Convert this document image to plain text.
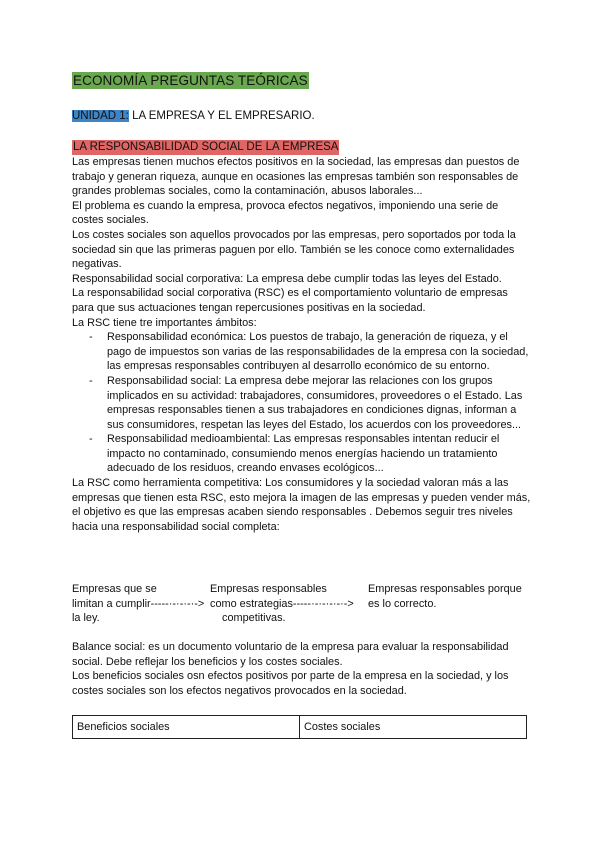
ECONOMÍA PREGUNTAS TEÓRICAS
UNIDAD 1: LA EMPRESA Y EL EMPRESARIO.
LA RESPONSABILIDAD SOCIAL DE LA EMPRESA

Las empresas tienen muchos efectos positivos en la sociedad, las empresas dan puestos de trabajo y generan riqueza, aunque en ocasiones las empresas también son responsables de grandes problemas sociales, como la contaminación, abusos laborales...

El problema es cuando la empresa, provoca efectos negativos, imponiendo una serie de costes sociales.

Los costes sociales son aquellos provocados por las empresas, pero soportados por toda la sociedad sin que las primeras paguen por ello. También se les conoce como externalidades negativas.

Responsabilidad social corporativa: La empresa debe cumplir todas las leyes del Estado.

La responsabilidad social corporativa (RSC) es el comportamiento voluntario de empresas para que sus actuaciones tengan repercusiones positivas en la sociedad.

La RSC tiene tre importantes ámbitos:

- Responsabilidad económica: Los puestos de trabajo, la generación de riqueza, y el pago de impuestos son varias de las responsabilidades de la empresa con la sociedad, las empresas responsables contribuyen al desarrollo económico de su entorno.
- Responsabilidad social: La empresa debe mejorar las relaciones con los grupos implicados en su actividad: trabajadores, consumidores, proveedores o el Estado. Las empresas responsables tienen a sus trabajadores en condiciones dignas, informan a sus consumidores, respetan las leyes del Estado, los acuerdos con los proveedores...
- Responsabilidad medioambiental: Las empresas responsables intentan reducir el impacto no contaminado, consumiendo menos energías haciendo un tratamiento adecuado de los residuos, creando envases ecológicos...

La RSC como herramienta competitiva: Los consumidores y la sociedad valoran más a las empresas que tienen esta RSC, esto mejora la imagen de las empresas y pueden vender más, el objetivo es que las empresas acaben siendo responsables . Debemos seguir tres niveles hacia una responsabilidad social completa:

Empresas que se
limitan a cumplir-----·-·-·-·->
la ley.
Empresas responsables
como estrategias-----·-·-·-·-·->
competitivas.
Empresas responsables porque
es lo correcto.

Balance social: es un documento voluntario de la empresa para evaluar la responsabilidad social. Debe reflejar los beneficios y los costes sociales.

Los beneficios sociales osn efectos positivos por parte de la empresa en la sociedad, y los costes sociales son los efectos negativos provocados en la sociedad.

Beneficios sociales	Costes sociales
